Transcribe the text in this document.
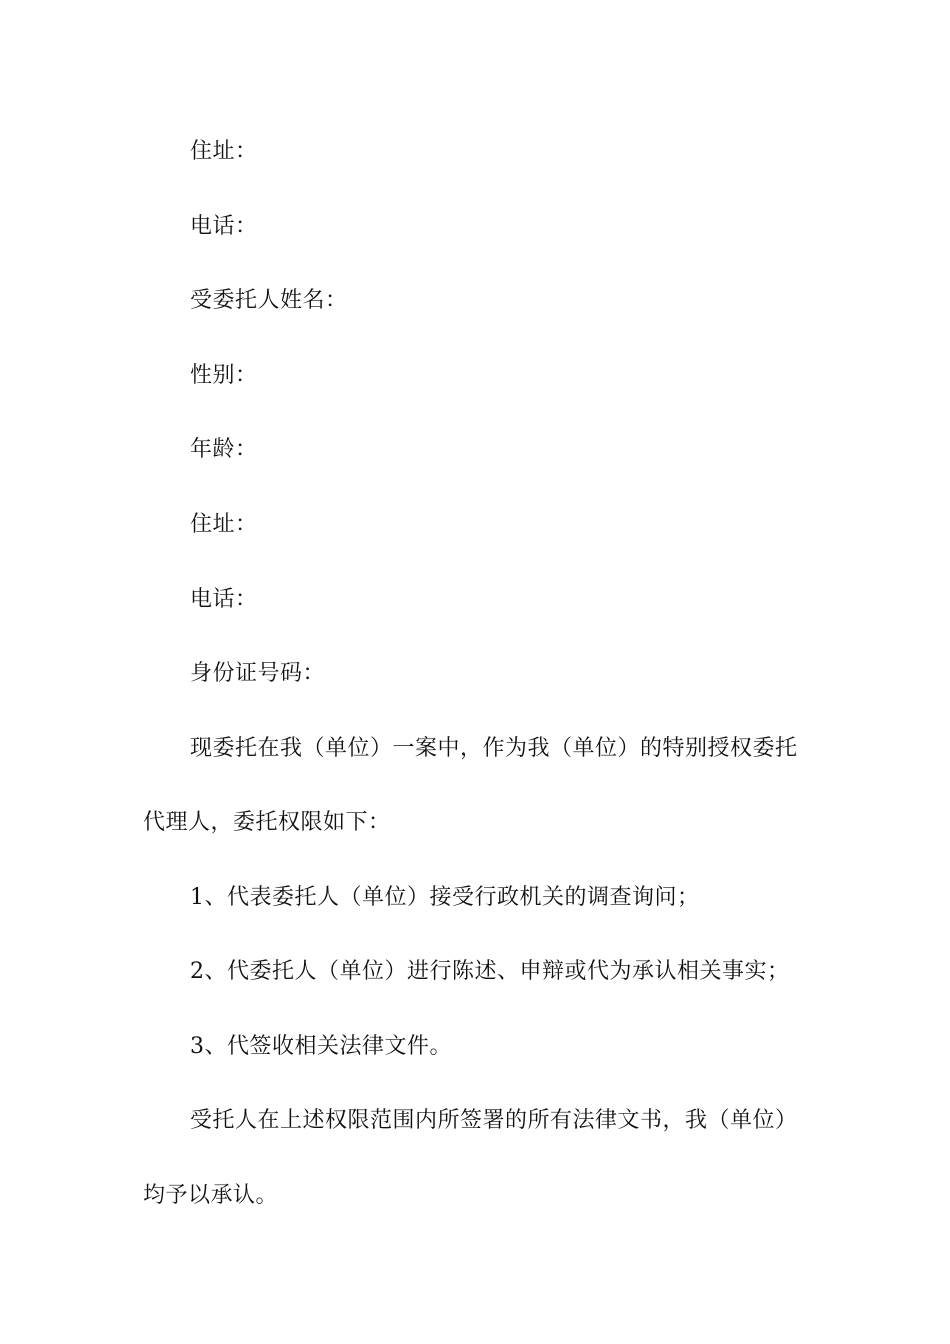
住址：
电话：
受委托人姓名：
性别：
年龄：
住址：
电话：
身份证号码：
现委托在我（单位）一案中，作为我（单位）的特别授权委托
代理人，委托权限如下：
1、代表委托人（单位）接受行政机关的调查询问；
2、代委托人（单位）进行陈述、申辩或代为承认相关事实；
3、代签收相关法律文件。
受托人在上述权限范围内所签署的所有法律文书，我（单位）
均予以承认。
